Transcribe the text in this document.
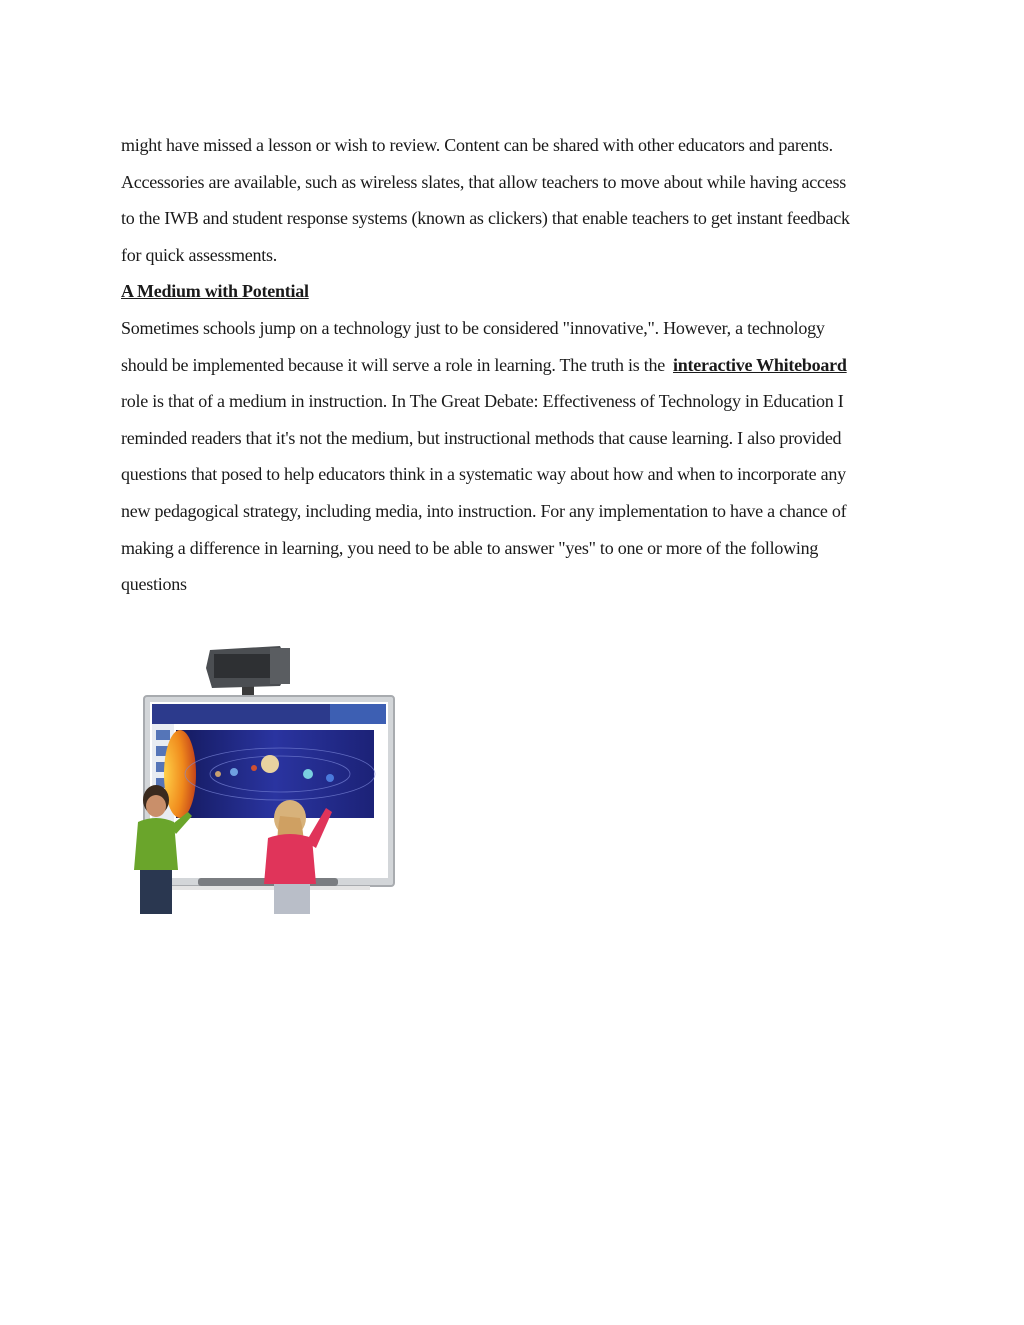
might have missed a lesson or wish to review. Content can be shared with other educators and parents.
Accessories are available, such as wireless slates, that allow teachers to move about while having access
to the IWB and student response systems (known as clickers) that enable teachers to get instant feedback
for quick assessments.
A Medium with Potential
Sometimes schools jump on a technology just to be considered "innovative,". However, a technology
should be implemented because it will serve a role in learning. The truth is the interactive Whiteboard
role is that of a medium in instruction. In The Great Debate: Effectiveness of Technology in Education I
reminded readers that it's not the medium, but instructional methods that cause learning. I also provided
questions that posed to help educators think in a systematic way about how and when to incorporate any
new pedagogical strategy, including media, into instruction. For any implementation to have a chance of
making a difference in learning, you need to be able to answer "yes" to one or more of the following
questions
